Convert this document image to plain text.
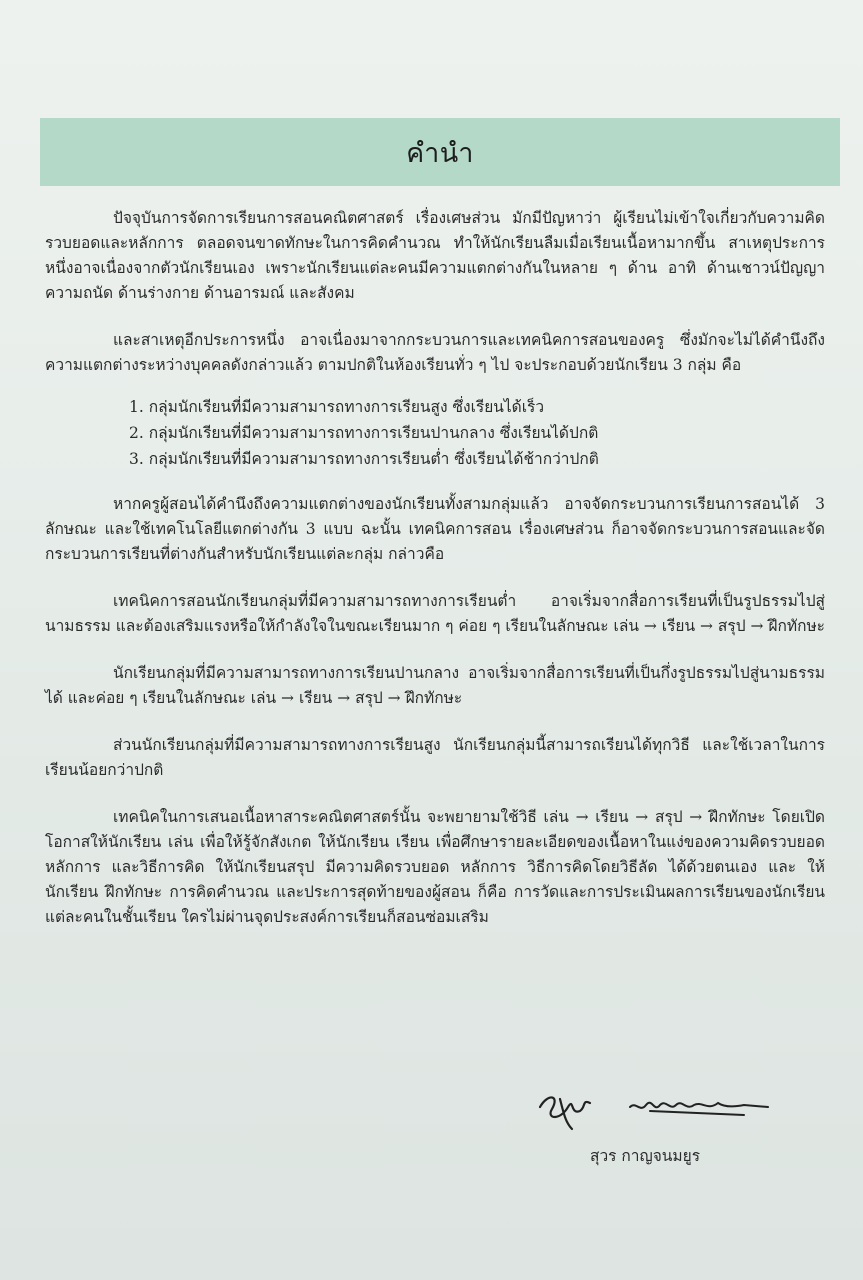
คำนำ

ปัจจุบันการจัดการเรียนการสอนคณิตศาสตร์ เรื่องเศษส่วน มักมีปัญหาว่า ผู้เรียนไม่เข้าใจเกี่ยวกับความคิดรวบยอดและหลักการ ตลอดจนขาดทักษะในการคิดคำนวณ ทำให้นักเรียนลืมเมื่อเรียนเนื้อหามากขึ้น สาเหตุประการหนึ่งอาจเนื่องจากตัวนักเรียนเอง เพราะนักเรียนแต่ละคนมีความแตกต่างกันในหลาย ๆ ด้าน อาทิ ด้านเชาวน์ปัญญา ความถนัด ด้านร่างกาย ด้านอารมณ์ และสังคม

และสาเหตุอีกประการหนึ่ง อาจเนื่องมาจากกระบวนการและเทคนิคการสอนของครู ซึ่งมักจะไม่ได้คำนึงถึงความแตกต่างระหว่างบุคคลดังกล่าวแล้ว ตามปกติในห้องเรียนทั่ว ๆ ไป จะประกอบด้วยนักเรียน 3 กลุ่ม คือ

1. กลุ่มนักเรียนที่มีความสามารถทางการเรียนสูง ซึ่งเรียนได้เร็ว
2. กลุ่มนักเรียนที่มีความสามารถทางการเรียนปานกลาง ซึ่งเรียนได้ปกติ
3. กลุ่มนักเรียนที่มีความสามารถทางการเรียนต่ำ ซึ่งเรียนได้ช้ากว่าปกติ

หากครูผู้สอนได้คำนึงถึงความแตกต่างของนักเรียนทั้งสามกลุ่มแล้ว อาจจัดกระบวนการเรียนการสอนได้ 3 ลักษณะ และใช้เทคโนโลยีแตกต่างกัน 3 แบบ ฉะนั้น เทคนิคการสอน เรื่องเศษส่วน ก็อาจจัดกระบวนการสอนและจัดกระบวนการเรียนที่ต่างกันสำหรับนักเรียนแต่ละกลุ่ม กล่าวคือ

เทคนิคการสอนนักเรียนกลุ่มที่มีความสามารถทางการเรียนต่ำ อาจเริ่มจากสื่อการเรียนที่เป็นรูปธรรมไปสู่นามธรรม และต้องเสริมแรงหรือให้กำลังใจในขณะเรียนมาก ๆ ค่อย ๆ เรียนในลักษณะ เล่น → เรียน → สรุป → ฝึกทักษะ

นักเรียนกลุ่มที่มีความสามารถทางการเรียนปานกลาง อาจเริ่มจากสื่อการเรียนที่เป็นกึ่งรูปธรรมไปสู่นามธรรมได้ และค่อย ๆ เรียนในลักษณะ เล่น → เรียน → สรุป → ฝึกทักษะ

ส่วนนักเรียนกลุ่มที่มีความสามารถทางการเรียนสูง นักเรียนกลุ่มนี้สามารถเรียนได้ทุกวิธี และใช้เวลาในการเรียนน้อยกว่าปกติ

เทคนิคในการเสนอเนื้อหาสาระคณิตศาสตร์นั้น จะพยายามใช้วิธี เล่น → เรียน → สรุป → ฝึกทักษะ โดยเปิดโอกาสให้นักเรียน เล่น เพื่อให้รู้จักสังเกต ให้นักเรียน เรียน เพื่อศึกษารายละเอียดของเนื้อหาในแง่ของความคิดรวบยอด หลักการ และวิธีการคิด ให้นักเรียนสรุป มีความคิดรวบยอด หลักการ วิธีการคิดโดยวิธีลัด ได้ด้วยตนเอง และ ให้นักเรียน ฝึกทักษะ การคิดคำนวณ และประการสุดท้ายของผู้สอน ก็คือ การวัดและการประเมินผลการเรียนของนักเรียนแต่ละคนในชั้นเรียน ใครไม่ผ่านจุดประสงค์การเรียนก็สอนซ่อมเสริม

สุวร กาญจนมยูร
